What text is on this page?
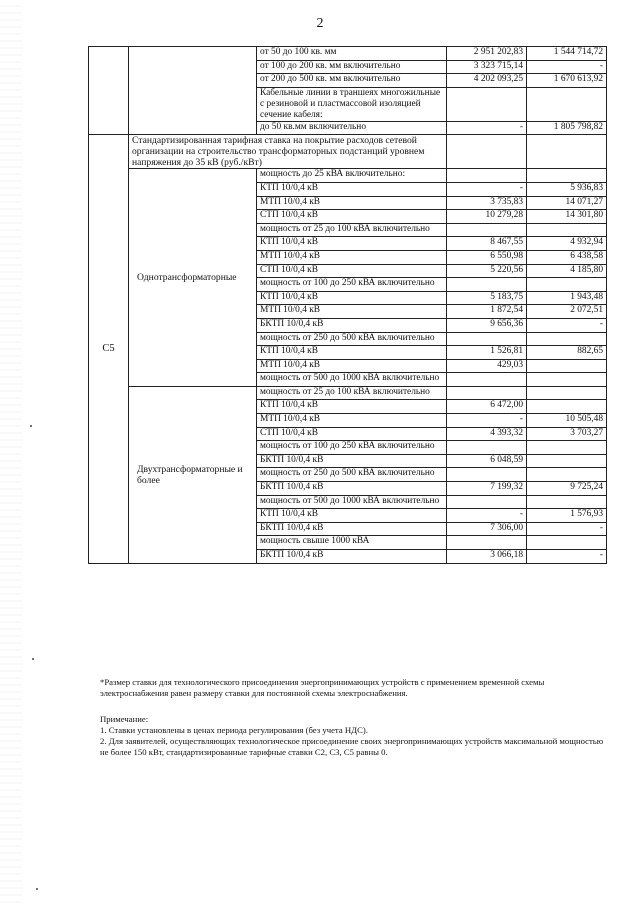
2
		от 50 до 100 кв. мм	2 951 202,83	1 544 714,72
		от 100 до 200 кв. мм включительно	3 323 715,14	-
		от 200 до 500 кв. мм включительно	4 202 093,25	1 670 613,92
		Кабельные линии в траншеях многожильные с резиновой и пластмассовой изоляцией сечение кабеля:		
		до 50 кв.мм включительно	-	1 805 798,82
С5	Стандартизированная тарифная ставка на покрытие расходов сетевой организации на строительство трансформаторных подстанций уровнем напряжения до 35 кВ (руб./кВт)			
	Однотрансформаторные	мощность до 25 кВА включительно:		
		КТП 10/0,4 кВ	-	5 936,83
		МТП 10/0,4 кВ	3 735,83	14 071,27
		СТП 10/0,4 кВ	10 279,28	14 301,80
		мощность от 25 до 100 кВА включительно		
		КТП 10/0,4 кВ	8 467,55	4 932,94
		МТП 10/0,4 кВ	6 550,98	6 438,58
		СТП 10/0,4 кВ	5 220,56	4 185,80
		мощность от 100 до 250 кВА включительно		
		КТП 10/0,4 кВ	5 183,75	1 943,48
		МТП 10/0,4 кВ	1 872,54	2 072,51
		БКТП 10/0,4 кВ	9 656,36	-
		мощность от 250 до 500 кВА включительно		
		КТП 10/0,4 кВ	1 526,81	882,65
		МТП 10/0,4 кВ	429,03	
		мощность от 500 до 1000 кВА включительно		
	Двухтрансформаторные и более	мощность от 25 до 100 кВА включительно		
		КТП 10/0,4 кВ	6 472,00	
		МТП 10/0,4 кВ	-	10 505,48
		СТП 10/0,4 кВ	4 393,32	3 703,27
		мощность от 100 до 250 кВА включительно		
		БКТП 10/0,4 кВ	6 048,59	
		мощность от 250 до 500 кВА включительно		
		БКТП 10/0,4 кВ	7 199,32	9 725,24
		мощность от 500 до 1000 кВА включительно		
		КТП 10/0,4 кВ	-	1 576,93
		БКТП 10/0,4 кВ	7 306,00	-
		мощность свыше 1000 кВА		
		БКТП 10/0,4 кВ	3 066,18	-
*Размер ставки для технологического присоединения энергопринимающих устройств с применением временной схемы электроснабжения равен размеру ставки для постоянной схемы электроснабжения.
Примечание:
1. Ставки установлены в ценах периода регулирования (без учета НДС).
2. Для заявителей, осуществляющих технологическое присоединение своих энергопринимающих устройств максимальной мощностью не более 150 кВт, стандартизированные тарифные ставки С2, С3, С5 равны 0.
